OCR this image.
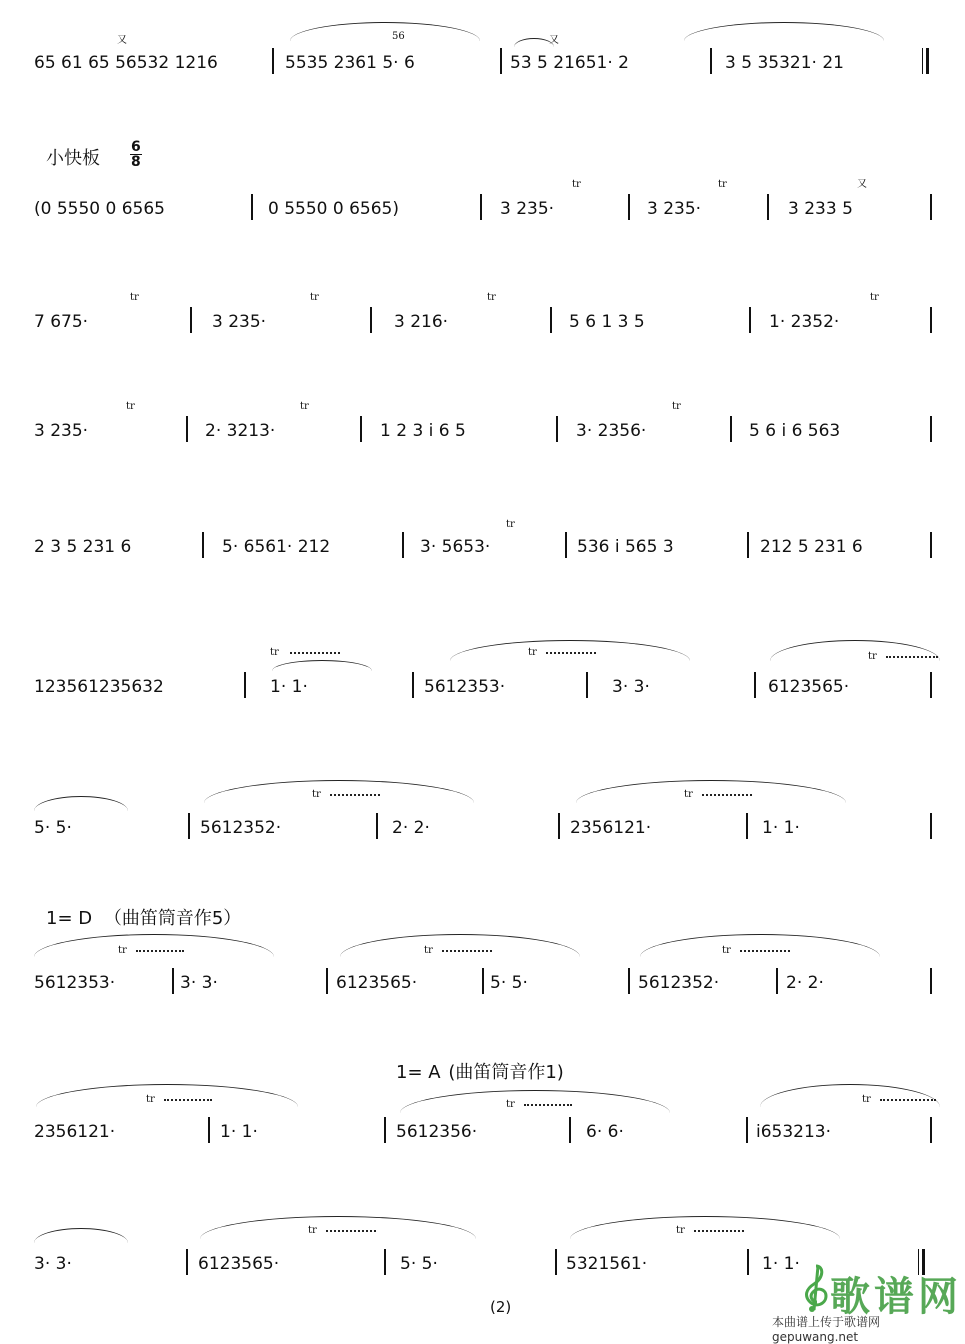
65 61 65 56532 1216	5535 2361 5· 6	53 5 21651· 2	3 5 35321· 21
又	又
56
小快板 $\frac{6}{8}$
(0 5550 0 6565	0 5550 0 6565)	3 235·	3 235·	3 233 5
tr	tr	又
7 675·	3 235·	3 216·	5 6 1 3 5	1· 2352·
tr	tr	tr	tr
3 235·	2· 3213·	1 2 3 i 6 5	3· 2356·	5 6 i 6 563
tr	tr	tr
2 3 5 231 6	5· 6561· 212	3· 5653·	536 i 565 3	212 5 231 6
tr
123561235632	1· 1·	5612353·	3· 3·	6123565·
tr	tr	tr
5· 5·	5612352·	2· 2·	2356121·	1· 1·
tr	tr
1= D （曲笛筒音作5）
5612353·	3· 3·	6123565·	5· 5·	5612352·	2· 2·
tr	tr	tr
1= A (曲笛筒音作1)
2356121·	1· 1·	5612356·	6· 6·	i653213·
tr	tr	tr
3· 3·	6123565·	5· 5·	5321561·	1· 1·
tr	tr
(2)	歌谱网
本曲谱上传于歌谱网 gepuwang.net
